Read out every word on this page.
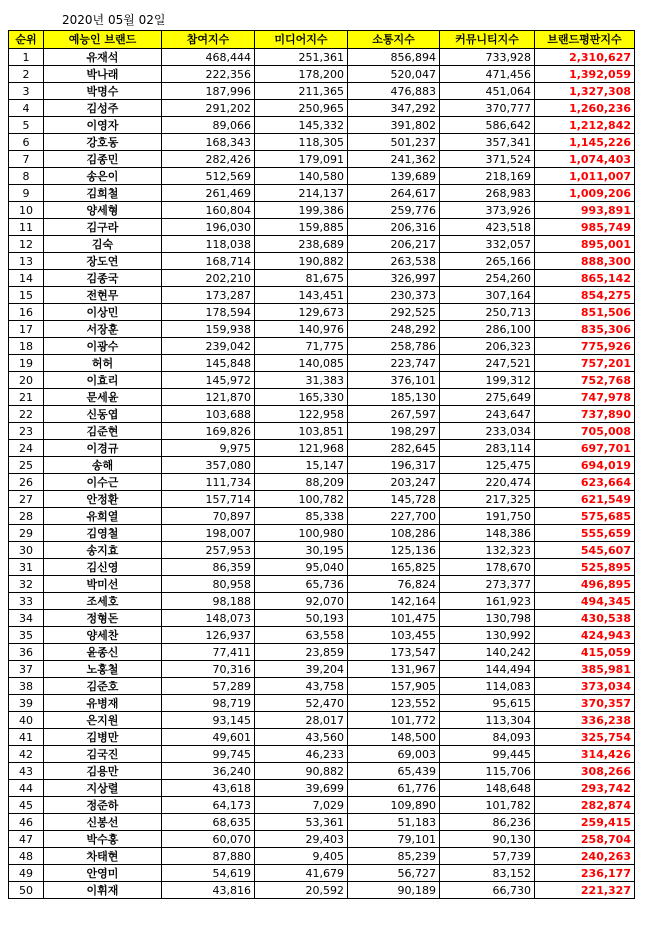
2020년 05월 02일
순위	예능인 브랜드	참여지수	미디어지수	소통지수	커뮤니티지수	브랜드평판지수
1	유재석	468,444	251,361	856,894	733,928	2,310,627
2	박나래	222,356	178,200	520,047	471,456	1,392,059
3	박명수	187,996	211,365	476,883	451,064	1,327,308
4	김성주	291,202	250,965	347,292	370,777	1,260,236
5	이영자	89,066	145,332	391,802	586,642	1,212,842
6	강호동	168,343	118,305	501,237	357,341	1,145,226
7	김종민	282,426	179,091	241,362	371,524	1,074,403
8	송은이	512,569	140,580	139,689	218,169	1,011,007
9	김희철	261,469	214,137	264,617	268,983	1,009,206
10	양세형	160,804	199,386	259,776	373,926	993,891
11	김구라	196,030	159,885	206,316	423,518	985,749
12	김숙	118,038	238,689	206,217	332,057	895,001
13	장도연	168,714	190,882	263,538	265,166	888,300
14	김종국	202,210	81,675	326,997	254,260	865,142
15	전현무	173,287	143,451	230,373	307,164	854,275
16	이상민	178,594	129,673	292,525	250,713	851,506
17	서장훈	159,938	140,976	248,292	286,100	835,306
18	이광수	239,042	71,775	258,786	206,323	775,926
19	허허	145,848	140,085	223,747	247,521	757,201
20	이효리	145,972	31,383	376,101	199,312	752,768
21	문세윤	121,870	165,330	185,130	275,649	747,978
22	신동엽	103,688	122,958	267,597	243,647	737,890
23	김준현	169,826	103,851	198,297	233,034	705,008
24	이경규	9,975	121,968	282,645	283,114	697,701
25	송해	357,080	15,147	196,317	125,475	694,019
26	이수근	111,734	88,209	203,247	220,474	623,664
27	안정환	157,714	100,782	145,728	217,325	621,549
28	유희열	70,897	85,338	227,700	191,750	575,685
29	김영철	198,007	100,980	108,286	148,386	555,659
30	송지효	257,953	30,195	125,136	132,323	545,607
31	김신영	86,359	95,040	165,825	178,670	525,895
32	박미선	80,958	65,736	76,824	273,377	496,895
33	조세호	98,188	92,070	142,164	161,923	494,345
34	정형돈	148,073	50,193	101,475	130,798	430,538
35	양세찬	126,937	63,558	103,455	130,992	424,943
36	윤종신	77,411	23,859	173,547	140,242	415,059
37	노홍철	70,316	39,204	131,967	144,494	385,981
38	김준호	57,289	43,758	157,905	114,083	373,034
39	유병재	98,719	52,470	123,552	95,615	370,357
40	은지원	93,145	28,017	101,772	113,304	336,238
41	김병만	49,601	43,560	148,500	84,093	325,754
42	김국진	99,745	46,233	69,003	99,445	314,426
43	김용만	36,240	90,882	65,439	115,706	308,266
44	지상렬	43,618	39,699	61,776	148,648	293,742
45	정준하	64,173	7,029	109,890	101,782	282,874
46	신봉선	68,635	53,361	51,183	86,236	259,415
47	박수홍	60,070	29,403	79,101	90,130	258,704
48	차태현	87,880	9,405	85,239	57,739	240,263
49	안영미	54,619	41,679	56,727	83,152	236,177
50	이휘재	43,816	20,592	90,189	66,730	221,327
